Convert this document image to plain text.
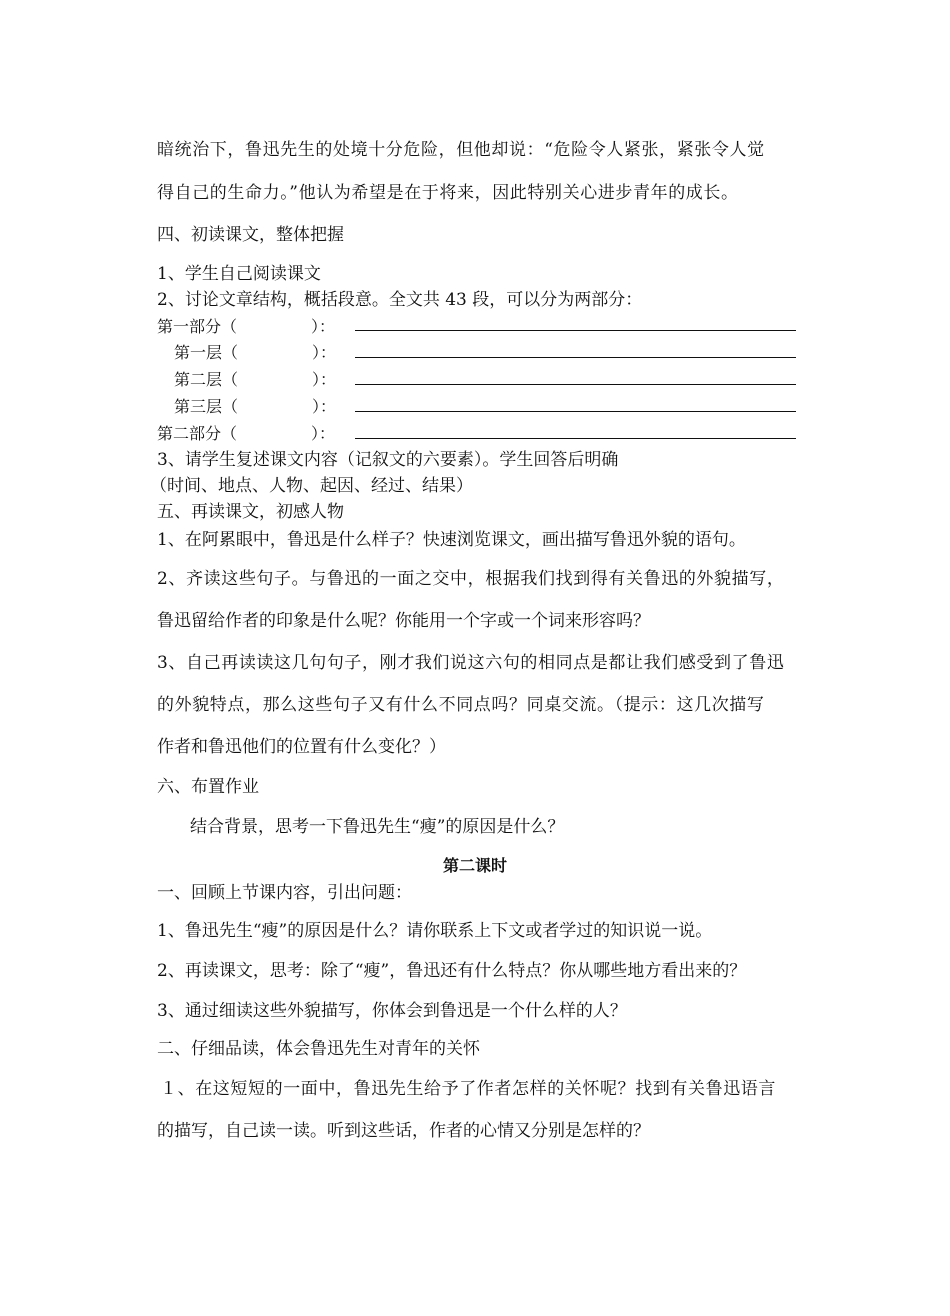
暗统治下，鲁迅先生的处境十分危险，但他却说：“危险令人紧张，紧张令人觉
得自己的生命力。”他认为希望是在于将来，因此特别关心进步青年的成长。
四、初读课文，整体把握
1、学生自己阅读课文
2、讨论文章结构，概括段意。全文共 43 段，可以分为两部分：
第一部分（	）：
第一层（	）：
第二层（	）：
第三层（	）：
第二部分（	）：
3、请学生复述课文内容（记叙文的六要素）。学生回答后明确
（时间、地点、人物、起因、经过、结果）
五、再读课文，初感人物
1、在阿累眼中，鲁迅是什么样子？快速浏览课文，画出描写鲁迅外貌的语句。
2、齐读这些句子。与鲁迅的一面之交中，根据我们找到得有关鲁迅的外貌描写，
鲁迅留给作者的印象是什么呢？你能用一个字或一个词来形容吗？
3、自己再读读这几句句子，刚才我们说这六句的相同点是都让我们感受到了鲁迅
的外貌特点，那么这些句子又有什么不同点吗？同桌交流。（提示：这几次描写
作者和鲁迅他们的位置有什么变化？）
六、布置作业
结合背景，思考一下鲁迅先生“瘦”的原因是什么？
第二课时
一、回顾上节课内容，引出问题：
1、鲁迅先生“瘦”的原因是什么？请你联系上下文或者学过的知识说一说。
2、再读课文，思考：除了“瘦”，鲁迅还有什么特点？你从哪些地方看出来的？
3、通过细读这些外貌描写，你体会到鲁迅是一个什么样的人？
二、仔细品读，体会鲁迅先生对青年的关怀
１、在这短短的一面中，鲁迅先生给予了作者怎样的关怀呢？找到有关鲁迅语言
的描写，自己读一读。听到这些话，作者的心情又分别是怎样的？
